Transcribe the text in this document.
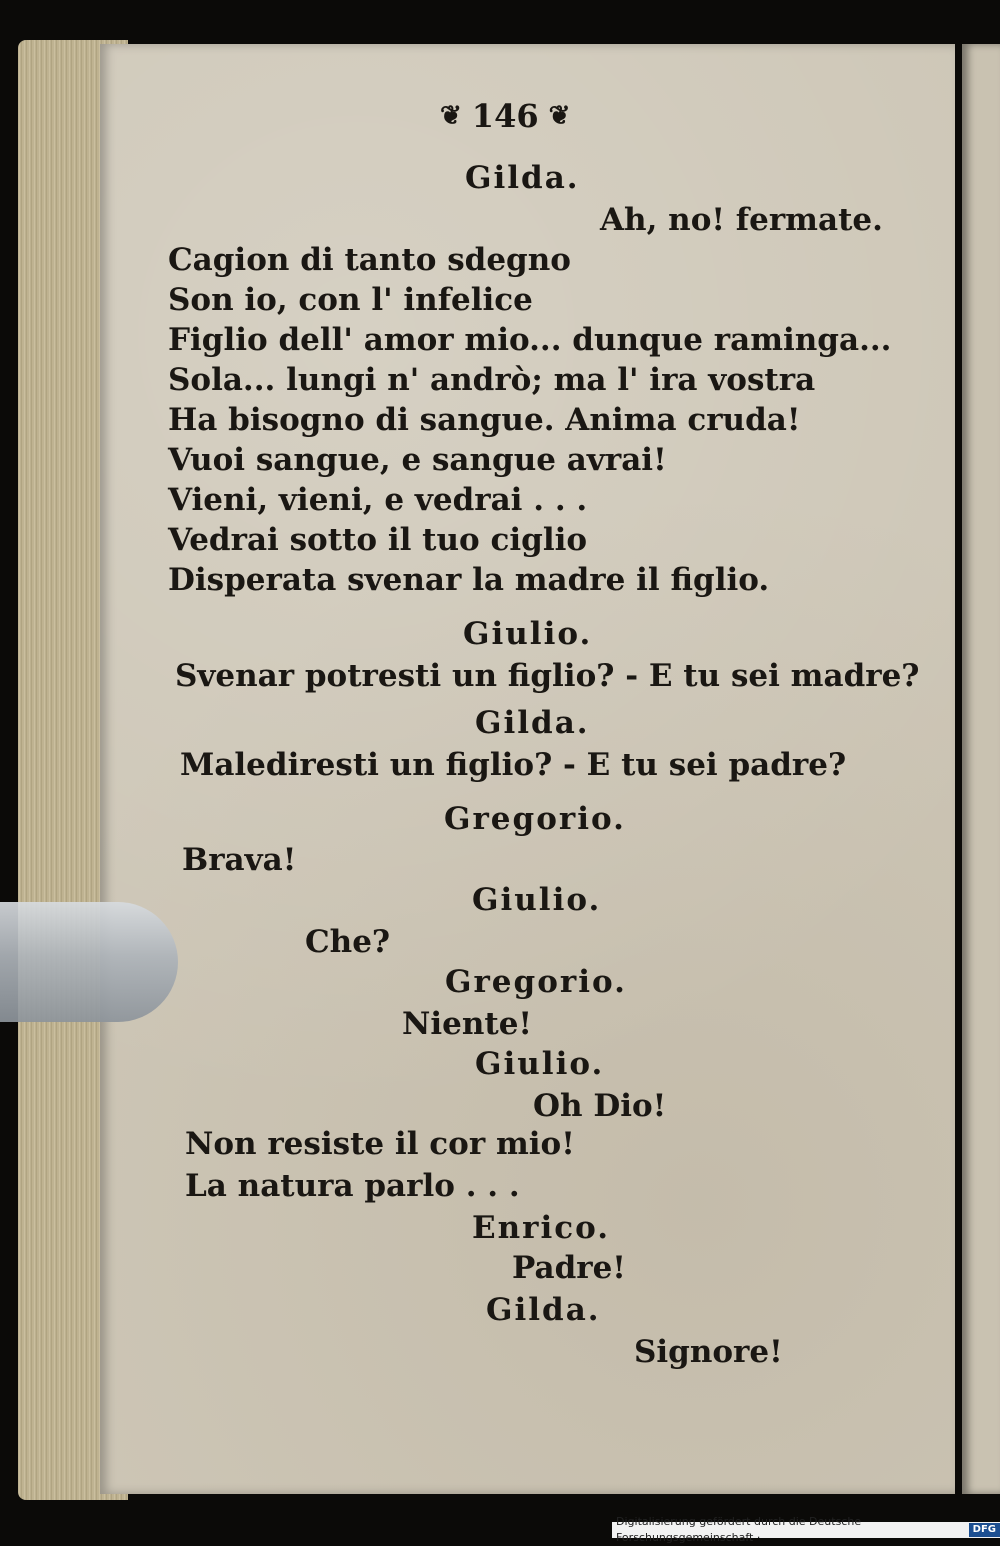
❦ 146 ❦
Gilda.
Ah, no! fermate.
Cagion di tanto sdegno
Son io, con l' infelice
Figlio dell' amor mio... dunque raminga...
Sola... lungi n' andrò; ma l' ira vostra
Ha bisogno di sangue. Anima cruda!
Vuoi sangue, e sangue avrai!
Vieni, vieni, e vedrai . . .
Vedrai sotto il tuo ciglio
Disperata svenar la madre il figlio.
Giulio.
Svenar potresti un figlio? - E tu sei madre?
Gilda.
Malediresti un figlio? - E tu sei padre?
Gregorio.
Brava!
Giulio.
Che?
Gregorio.
Niente!
Giulio.
Oh Dio!
Non resiste il cor mio!
La natura parlo . . .
Enrico.
Padre!
Gilda.
Signore!
Digitalisierung gefördert durch die Deutsche Forschungsgemeinschaft ·
DFG
